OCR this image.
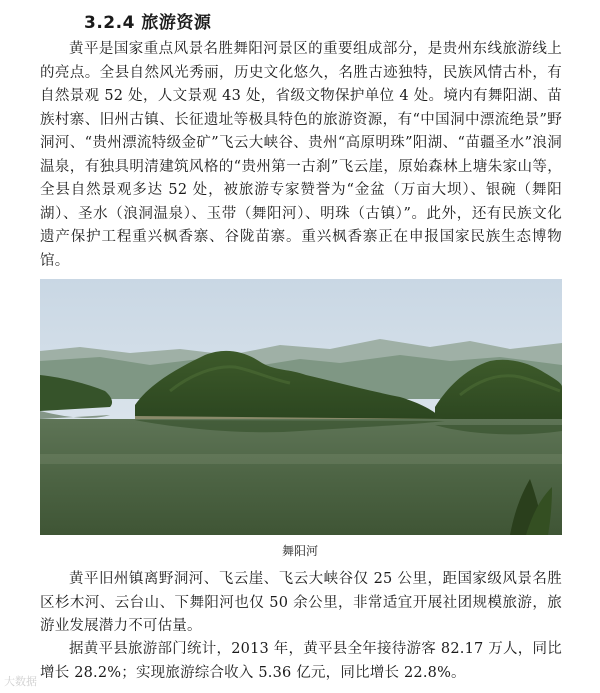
3.2.4 旅游资源

黄平是国家重点风景名胜舞阳河景区的重要组成部分，是贵州东线旅游线上的亮点。全县自然风光秀丽，历史文化悠久，名胜古迹独特，民族风情古朴，有自然景观 52 处，人文景观 43 处，省级文物保护单位 4 处。境内有舞阳湖、苗族村寨、旧州古镇、长征遗址等极具特色的旅游资源，有“中国洞中漂流绝景”野洞河、“贵州漂流特级金矿”飞云大峡谷、贵州“高原明珠”阳湖、“苗疆圣水”浪洞温泉，有独具明清建筑风格的“贵州第一古刹”飞云崖，原始森林上塘朱家山等，全县自然景观多达 52 处，被旅游专家赞誉为“金盆（万亩大坝）、银碗（舞阳湖）、圣水（浪洞温泉）、玉带（舞阳河）、明珠（古镇）”。此外，还有民族文化遗产保护工程重兴枫香寨、谷陇苗寨。重兴枫香寨正在申报国家民族生态博物馆。

舞阳河

黄平旧州镇离野洞河、飞云崖、飞云大峡谷仅 25 公里，距国家级风景名胜区杉木河、云台山、下舞阳河也仅 50 余公里，非常适宜开展社团规模旅游，旅游业发展潜力不可估量。

据黄平县旅游部门统计，2013 年，黄平县全年接待游客 82.17 万人，同比增长 28.2%；实现旅游综合收入 5.36 亿元，同比增长 22.8%。

大数据
